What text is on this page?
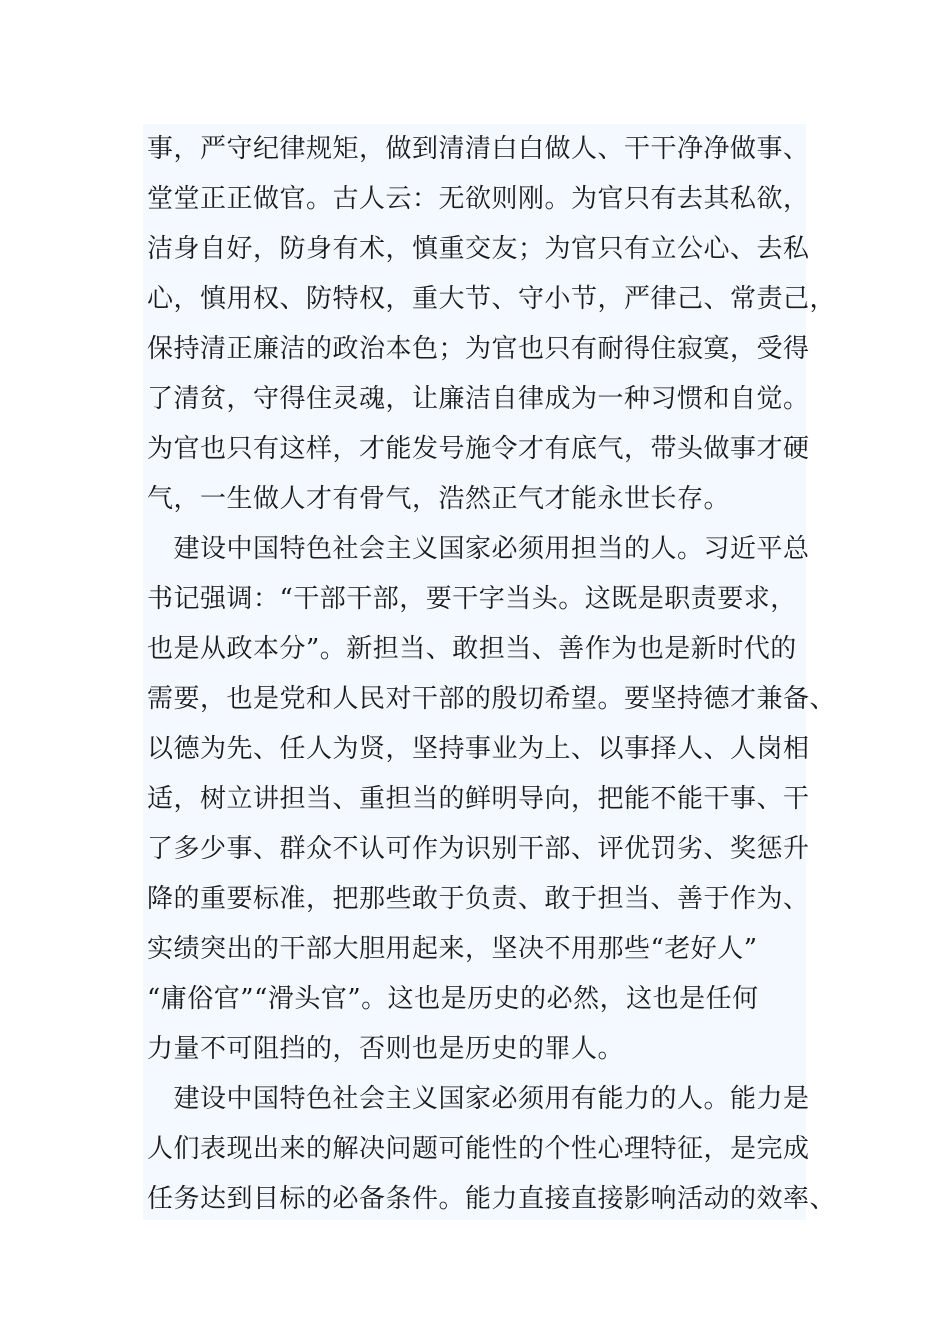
事，严守纪律规矩，做到清清白白做人、干干净净做事、
堂堂正正做官。古人云：无欲则刚。为官只有去其私欲，
洁身自好，防身有术，慎重交友；为官只有立公心、去私
心，慎用权、防特权，重大节、守小节，严律己、常责己，
保持清正廉洁的政治本色；为官也只有耐得住寂寞，受得
了清贫，守得住灵魂，让廉洁自律成为一种习惯和自觉。
为官也只有这样，才能发号施令才有底气，带头做事才硬
气，一生做人才有骨气，浩然正气才能永世长存。
　建设中国特色社会主义国家必须用担当的人。习近平总
书记强调：“干部干部，要干字当头。这既是职责要求，
也是从政本分”。新担当、敢担当、善作为也是新时代的
需要，也是党和人民对干部的殷切希望。要坚持德才兼备、
以德为先、任人为贤，坚持事业为上、以事择人、人岗相
适，树立讲担当、重担当的鲜明导向，把能不能干事、干
了多少事、群众不认可作为识别干部、评优罚劣、奖惩升
降的重要标准，把那些敢于负责、敢于担当、善于作为、
实绩突出的干部大胆用起来，坚决不用那些“老好人”
“庸俗官”“滑头官”。这也是历史的必然，这也是任何
力量不可阻挡的，否则也是历史的罪人。
　建设中国特色社会主义国家必须用有能力的人。能力是
人们表现出来的解决问题可能性的个性心理特征，是完成
任务达到目标的必备条件。能力直接直接影响活动的效率、
